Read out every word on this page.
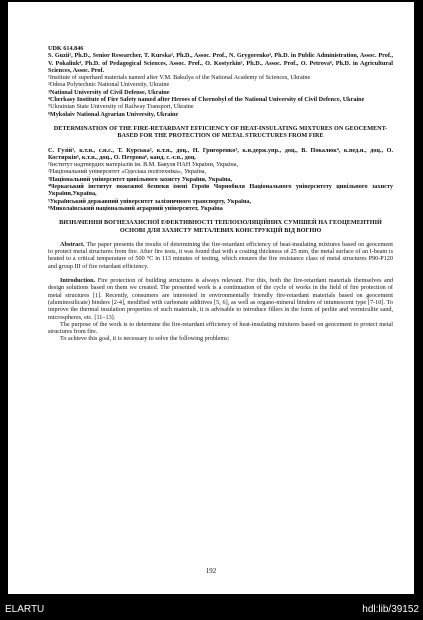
UDK 614.846

S. Guzii¹, Ph.D., Senior Researcher, T. Kurska², Ph.D., Assoc. Prof., N. Grygorenko³, Ph.D. in Public Administration, Assoc. Prof., V. Pokaliuk⁴, Ph.D. of Pedagogical Sciences, Assoc. Prof., O. Kostyrkin⁵, Ph.D., Assoc. Prof., O. Petrova⁶, Ph.D. in Agricultural Sciences, Assoc. Prof.

¹Institute of superhard materials named after V.M. Bakulya of the National Academy of Sciences, Ukraine

²Odesa Polytechnic National University, Ukraine

³National University of Civil Defense, Ukraine

⁴Cherkasy Institute of Fire Safety named after Heroes of Chernobyl of the National University of Civil Defence, Ukraine

⁵Ukrainian State University of Railway Transport, Ukraine

⁶Mykolaiv National Agrarian University, Ukraine

DETERMINATION OF THE FIRE-RETARDANT EFFICIENCY OF HEAT-INSULATING MIXTURES ON GEOCEMENT-BASED FOR THE PROTECTION OF METAL STRUCTURES FROM FIRE

С. Гузій¹, к.т.н., с.н.с., Т. Курська², к.т.н., доц., Н. Григоренко³, к.н.держ.упр., доц., В. Покалюк⁴, к.пед.н., доц., О. Костиркін⁵, к.т.н., доц., О. Петрова⁶, канд. с.-г.н., доц.

¹Інститут надтвердих матеріалів ім. В.М. Бакуля НАН України, Україна,

²Національний університет «Одеська політехніка», Україна,

³Національний університет цивільного захисту України, Україна,

⁴Черкаський інститут пожежної безпеки імені Героїв Чорнобиля Національного університету цивільного захисту України,Україна,

⁵Український державний університет залізничного транспорту, Україна,

⁶Миколаївський національний аграрний університет, Україна

ВИЗНАЧЕННЯ ВОГНЕЗАХИСНОЇ ЕФЕКТИВНОСТІ ТЕПЛОІЗОЛЯЦІЙНИХ СУМІШЕЙ НА ГЕОЦЕМЕНТНІЙ ОСНОВІ ДЛЯ ЗАХИСТУ МЕТАЛЕВИХ КОНСТРУКЦІЙ ВІД ВОГНЮ

Abstract. The paper presents the results of determining the fire-retardant efficiency of heat-insulating mixtures based on geocement to protect metal structures from fire. After fire tests, it was found that with a coating thickness of 25 mm, the metal surface of an I-beam is heated to a critical temperature of 500 °C in 113 minutes of testing, which ensures the fire resistance class of metal structures Р90-Р120 and group ІІІ of fire retardant efficiency.

Introduction. Fire protection of building structures is always relevant. For this, both the fire-retardant materials themselves and design solutions based on them we created. The presented work is a continuation of the cycle of works in the field of fire protection of metal structures [1]. Recently, consumers are interested in environmentally friendly fire-retardant materials based on geocement (aluminosilicate) binders [2-4], modified with carbonate additives [5, 6], as well as organo-mineral binders of intumescent type [7-10]. To improve the thermal insulation properties of such materials, it is advisable to introduce fillers in the form of perlite and vermiculite sand, microspheres, etc. [11–13].

The purpose of the work is to determine the fire-retardant efficiency of heat-insulating mixtures based on geocement to protect metal structures from fire.

To achieve this goal, it is necessary to solve the following problems:

192
ELARTU	hdl:lib/39152
